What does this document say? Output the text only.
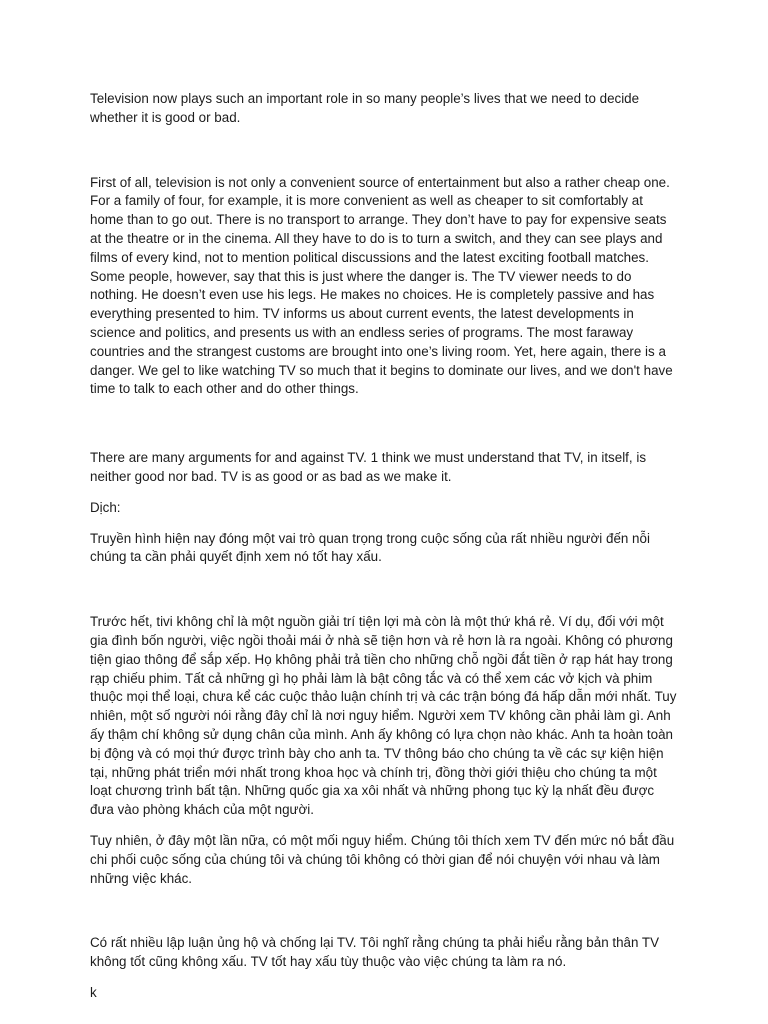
Television now plays such an important role in so many people’s lives that we need to decide whether it is good or bad.

First of all, television is not only a convenient source of entertainment but also a rather cheap one. For a family of four, for example, it is more convenient as well as cheaper to sit comfortably at home than to go out. There is no transport to arrange. They don’t have to pay for expensive seats at the theatre or in the cinema. All they have to do is to turn a switch, and they can see plays and films of every kind, not to mention political discussions and the latest exciting football matches. Some people, however, say that this is just where the danger is. The TV viewer needs to do nothing. He doesn’t even use his legs. He makes no choices. He is completely passive and has everything presented to him. TV informs us about current events, the latest developments in science and politics, and presents us with an endless series of programs. The most faraway countries and the strangest customs are brought into one’s living room. Yet, here again, there is a danger. We gel to like watching TV so much that it begins to dominate our lives, and we don't have time to talk to each other and do other things.

There are many arguments for and against TV. 1 think we must understand that TV, in itself, is neither good nor bad. TV is as good or as bad as we make it.

Dịch:

Truyền hình hiện nay đóng một vai trò quan trọng trong cuộc sống của rất nhiều người đến nỗi chúng ta cần phải quyết định xem nó tốt hay xấu.

Trước hết, tivi không chỉ là một nguồn giải trí tiện lợi mà còn là một thứ khá rẻ. Ví dụ, đối với một gia đình bốn người, việc ngồi thoải mái ở nhà sẽ tiện hơn và rẻ hơn là ra ngoài. Không có phương tiện giao thông để sắp xếp. Họ không phải trả tiền cho những chỗ ngồi đắt tiền ở rạp hát hay trong rạp chiếu phim. Tất cả những gì họ phải làm là bật công tắc và có thể xem các vở kịch và phim thuộc mọi thể loại, chưa kể các cuộc thảo luận chính trị và các trận bóng đá hấp dẫn mới nhất. Tuy nhiên, một số người nói rằng đây chỉ là nơi nguy hiểm. Người xem TV không cần phải làm gì. Anh ấy thậm chí không sử dụng chân của mình. Anh ấy không có lựa chọn nào khác. Anh ta hoàn toàn bị động và có mọi thứ được trình bày cho anh ta. TV thông báo cho chúng ta về các sự kiện hiện tại, những phát triển mới nhất trong khoa học và chính trị, đồng thời giới thiệu cho chúng ta một loạt chương trình bất tận. Những quốc gia xa xôi nhất và những phong tục kỳ lạ nhất đều được đưa vào phòng khách của một người.

Tuy nhiên, ở đây một lần nữa, có một mối nguy hiểm. Chúng tôi thích xem TV đến mức nó bắt đầu chi phối cuộc sống của chúng tôi và chúng tôi không có thời gian để nói chuyện với nhau và làm những việc khác.

Có rất nhiều lập luận ủng hộ và chống lại TV. Tôi nghĩ rằng chúng ta phải hiểu rằng bản thân TV không tốt cũng không xấu. TV tốt hay xấu tùy thuộc vào việc chúng ta làm ra nó.

k
